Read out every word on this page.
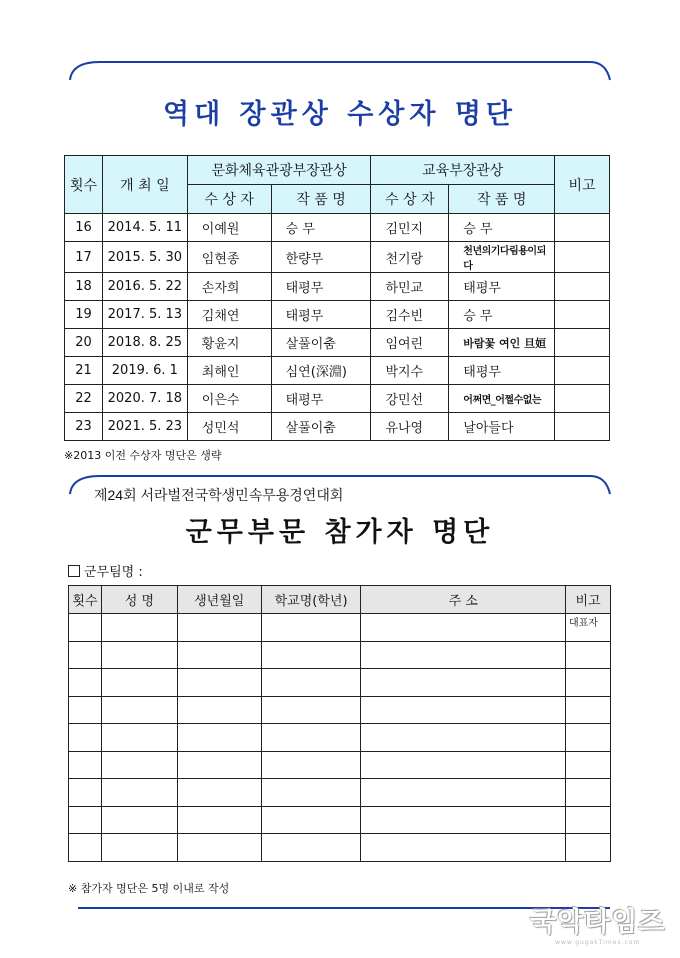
역대 장관상 수상자 명단
횟수	개 최 일	문화체육관광부장관상		교육부장관상		비고
		수 상 자	작 품 명	수 상 자	작 품 명	
16	2014. 5. 11	이예원	승 무	김민지	승 무	
17	2015. 5. 30	임현종	한량무	천기랑	천년의기다림용이되다	
18	2016. 5. 22	손자희	태평무	하민교	태평무	
19	2017. 5. 13	김채연	태평무	김수빈	승 무	
20	2018. 8. 25	황윤지	살풀이춤	임여린	바람꽃 여인 旦姮	
21	2019. 6. 1	최해인	심연(深淵)	박지수	태평무	
22	2020. 7. 18	이은수	태평무	강민선	어쩌면_어쩔수없는	
23	2021. 5. 23	성민석	살풀이춤	유나영	날아들다	
※2013 이전 수상자 명단은 생략
제24회 서라벌전국학생민속무용경연대회
군무부문 참가자 명단
군무팀명 :
횟수	성 명	생년월일	학교명(학년)	주 소	비고
					대표자

※ 참가자 명단은 5명 이내로 작성
국악타임즈
www.gugakTimes.com
